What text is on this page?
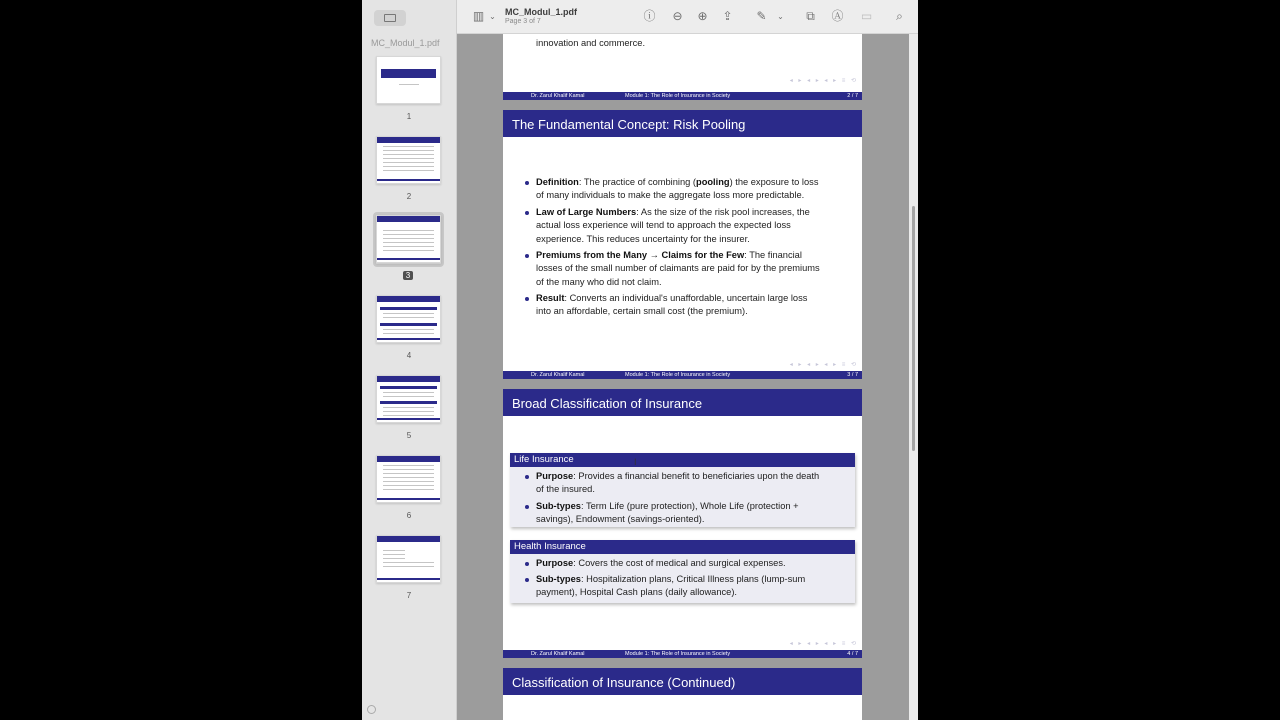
MC_Modul_1.pdf
1
2
3
4
5
6
7
▥ ⌄	MC_Modul_1.pdf
Page 3 of 7	ⓘ ⊖ ⊕ ⇪ ✎	⌄	⧉ Ⓐ ▭	⌕
innovation and commerce.
◂ ▸ ◂ ▸ ◂ ▸ ≡ ⟲
Dr. Zarul Khalif Kamal	Module 1: The Role of Insurance in Society	2 / 7
The Fundamental Concept: Risk Pooling
Definition: The practice of combining (pooling) the exposure to loss
of many individuals to make the aggregate loss more predictable.
Law of Large Numbers: As the size of the risk pool increases, the
actual loss experience will tend to approach the expected loss
experience. This reduces uncertainty for the insurer.
Premiums from the Many → Claims for the Few: The financial
losses of the small number of claimants are paid for by the premiums
of the many who did not claim.
Result: Converts an individual's unaffordable, uncertain large loss
into an affordable, certain small cost (the premium).
◂ ▸ ◂ ▸ ◂ ▸ ≡ ⟲
Dr. Zarul Khalif Kamal	Module 1: The Role of Insurance in Society	3 / 7
Broad Classification of Insurance
Life Insurance
Purpose: Provides a financial benefit to beneficiaries upon the death
of the insured.
Sub-types: Term Life (pure protection), Whole Life (protection +
savings), Endowment (savings-oriented).
Health Insurance
Purpose: Covers the cost of medical and surgical expenses.
Sub-types: Hospitalization plans, Critical Illness plans (lump-sum
payment), Hospital Cash plans (daily allowance).
I
◂ ▸ ◂ ▸ ◂ ▸ ≡ ⟲
Dr. Zarul Khalif Kamal	Module 1: The Role of Insurance in Society	4 / 7
Classification of Insurance (Continued)
